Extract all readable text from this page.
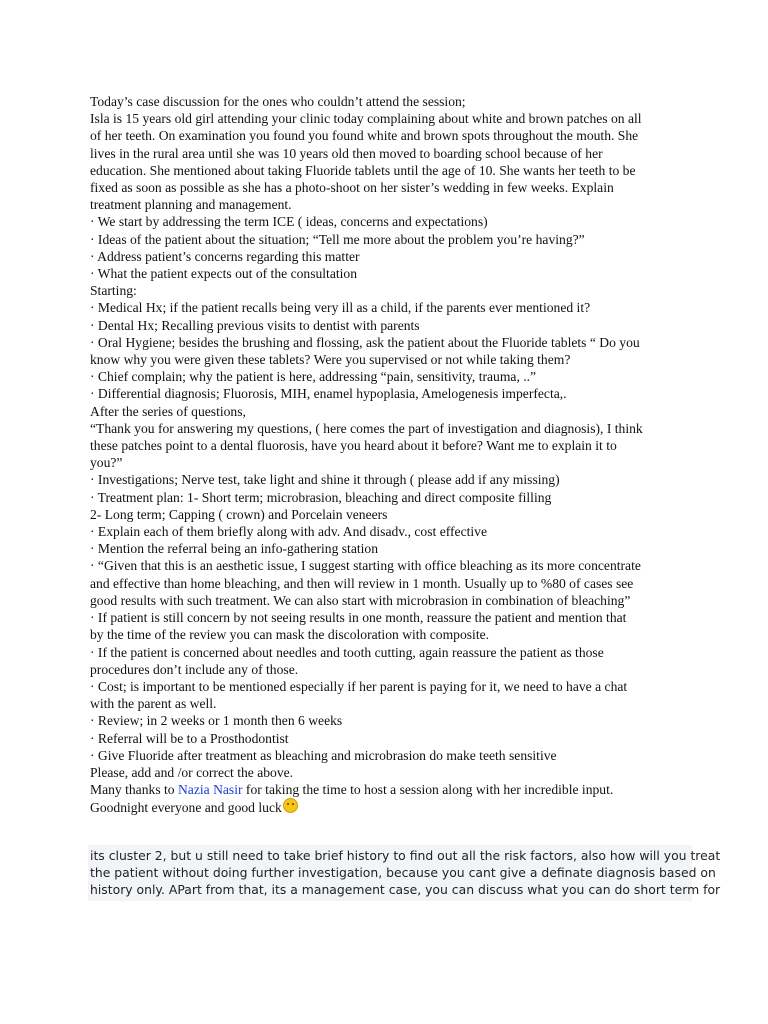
Today’s case discussion for the ones who couldn’t attend the session;
Isla is 15 years old girl attending your clinic today complaining about white and brown patches on all
of her teeth. On examination you found you found white and brown spots throughout the mouth. She
lives in the rural area until she was 10 years old then moved to boarding school because of her
education. She mentioned about taking Fluoride tablets until the age of 10. She wants her teeth to be
fixed as soon as possible as she has a photo-shoot on her sister’s wedding in few weeks. Explain
treatment planning and management.
· We start by addressing the term ICE ( ideas, concerns and expectations)
· Ideas of the patient about the situation; “Tell me more about the problem you’re having?”
· Address patient’s concerns regarding this matter
· What the patient expects out of the consultation
Starting:
· Medical Hx; if the patient recalls being very ill as a child, if the parents ever mentioned it?
· Dental Hx; Recalling previous visits to dentist with parents
· Oral Hygiene; besides the brushing and flossing, ask the patient about the Fluoride tablets “ Do you
know why you were given these tablets? Were you supervised or not while taking them?
· Chief complain; why the patient is here, addressing “pain, sensitivity, trauma, ..”
· Differential diagnosis; Fluorosis, MIH, enamel hypoplasia, Amelogenesis imperfecta,.
After the series of questions,
“Thank you for answering my questions, ( here comes the part of investigation and diagnosis), I think
these patches point to a dental fluorosis, have you heard about it before? Want me to explain it to
you?”
· Investigations; Nerve test, take light and shine it through ( please add if any missing)
· Treatment plan: 1- Short term; microbrasion, bleaching and direct composite filling
2- Long term; Capping ( crown) and Porcelain veneers
· Explain each of them briefly along with adv. And disadv., cost effective
· Mention the referral being an info-gathering station
· “Given that this is an aesthetic issue, I suggest starting with office bleaching as its more concentrate
and effective than home bleaching, and then will review in 1 month. Usually up to %80 of cases see
good results with such treatment. We can also start with microbrasion in combination of bleaching”
· If patient is still concern by not seeing results in one month, reassure the patient and mention that
by the time of the review you can mask the discoloration with composite.
· If the patient is concerned about needles and tooth cutting, again reassure the patient as those
procedures don’t include any of those.
· Cost; is important to be mentioned especially if her parent is paying for it, we need to have a chat
with the parent as well.
· Review; in 2 weeks or 1 month then 6 weeks
· Referral will be to a Prosthodontist
· Give Fluoride after treatment as bleaching and microbrasion do make teeth sensitive
Please, add and /or correct the above.
Many thanks to Nazia Nasir for taking the time to host a session along with her incredible input.
Goodnight everyone and good luck
its cluster 2, but u still need to take brief history to find out all the risk factors, also how will you treat
the patient without doing further investigation, because you cant give a definate diagnosis based on
history only. APart from that, its a management case, you can discuss what you can do short term for
